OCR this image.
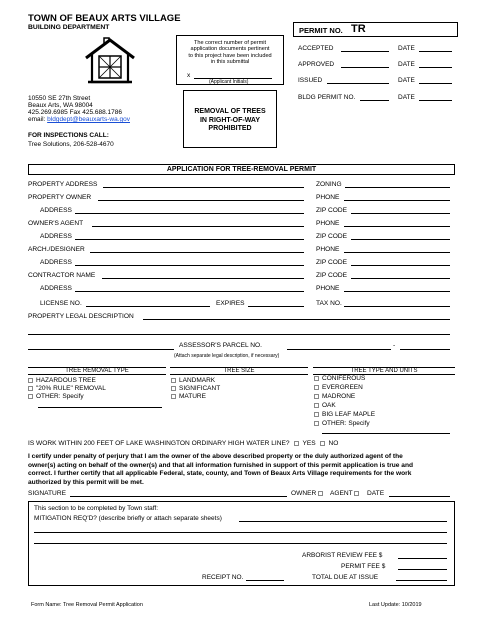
TOWN OF BEAUX ARTS VILLAGE
BUILDING DEPARTMENT
10550 SE 27th Street
Beaux Arts, WA 98004
425.269.6985 Fax 425.688.1786
email: bldgdept@beauxarts-wa.gov
FOR INSPECTIONS CALL:
Tree Solutions, 206-528-4670
The correct number of permit
application documents pertinent
to this project have been included
in this submittal
x
(Applicant Initials)
REMOVAL OF TREES
IN RIGHT-OF-WAY
PROHIBITED
PERMIT NO. TR
ACCEPTED	DATE
APPROVED	DATE
ISSUED	DATE
BLDG PERMIT NO.	DATE
APPLICATION FOR TREE-REMOVAL PERMIT
PROPERTY ADDRESS	ZONING
PROPERTY OWNER	PHONE
ADDRESS	ZIP CODE
OWNER'S AGENT	PHONE
ADDRESS	ZIP CODE
ARCH./DESIGNER	PHONE
ADDRESS	ZIP CODE
CONTRACTOR NAME	ZIP CODE
ADDRESS	PHONE
LICENSE NO.	EXPIRES	TAX NO.
PROPERTY LEGAL DESCRIPTION
ASSESSOR'S PARCEL NO.	-
(Attach separate legal description, if necessary)
TREE REMOVAL TYPE	TREE SIZE	TREE TYPE AND UNITS
HAZARDOUS TREE
"20% RULE" REMOVAL
OTHER: Specify
LANDMARK
SIGNIFICANT
MATURE
CONIFEROUS
EVERGREEN
MADRONE
OAK
BIG LEAF MAPLE
OTHER: Specify
IS WORK WITHIN 200 FEET OF LAKE WASHINGTON ORDINARY HIGH WATER LINE? YES NO
I certify under penalty of perjury that I am the owner of the above described property or the duly authorized agent of the
owner(s) acting on behalf of the owner(s) and that all information furnished in support of this permit application is true and
correct. I further certify that all applicable Federal, state, county, and Town of Beaux Arts Village requirements for the work
authorized by this permit will be met.
SIGNATURE	OWNER	AGENT	DATE
This section to be completed by Town staff:
MITIGATION REQ'D? (describe briefly or attach separate sheets)
ARBORIST REVIEW FEE $
PERMIT FEE $
RECEIPT NO.	TOTAL DUE AT ISSUE
Form Name: Tree Removal Permit Application	Last Update: 10/2019
